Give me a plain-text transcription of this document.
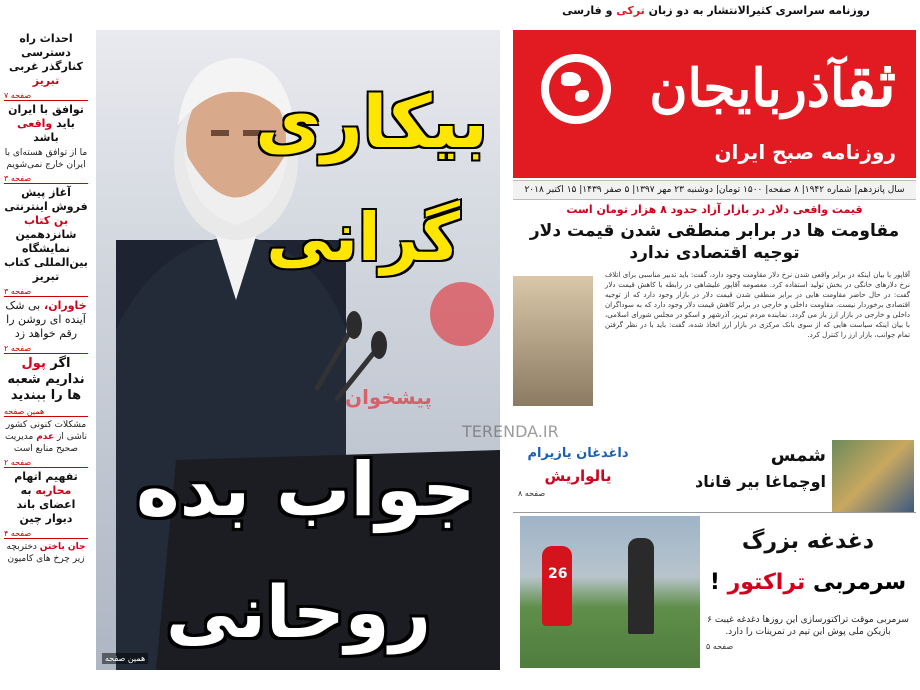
احداث راه دسترسی کنارگذر غربی تبریز
صفحه ۷
توافق با ایران باید واقعی باشد
ما از توافق هسته‌ای با ایران خارج نمی‌شویم
صفحه ۳
آغاز پیش فروش اینترنتی بن کتاب شانزدهمین نمایشگاه بین‌المللی کتاب تبریز
صفحه ۳
خاوران، بی شک آینده ای روشن را رقم خواهد زد
صفحه ۲
اگر پول نداریم شعبه ها را ببندید
همین صفحه
مشکلات کنونی کشور ناشی از عدم مدیریت صحیح منابع است
صفحه ۲
تفهیم اتهام محاربه به اعضای باند دیوار چین
صفحه ۴
جان باختن دختربچه زیر چرخ های کامیون
بیکاری
گرانی
جواب بده
روحانی
همین صفحه
روزنامه سراسری کثیرالانتشار به دو زبان ترکی و فارسی
ثقآذربایجان
روزنامه صبح ایران
سال پانزدهم| شماره ۱۹۴۲| ۸ صفحه| ۱۵۰۰ تومان| دوشنبه ۲۳ مهر ۱۳۹۷| ۵ صفر ۱۴۳۹| ۱۵ اکتبر ۲۰۱۸
قیمت واقعی دلار در بازار آزاد حدود ۸ هزار تومان است
مقاومت ها در برابر منطقی شدن قیمت دلار
توجیه اقتصادی ندارد
آقاپور با بیان اینکه در برابر واقعی شدن نرخ دلار مقاومت وجود دارد، گفت: باید تدبیر مناسبی برای اتلاف نرخ دلارهای خانگی در بخش تولید استفاده کرد. معصومه آقاپور علیشاهی در رابطه با کاهش قیمت دلار گفت: در حال حاضر مقاومت هایی در برابر منطقی شدن قیمت دلار در بازار وجود دارد که از توجیه اقتصادی برخوردار نیست. مقاومت داخلی و خارجی در برابر کاهش قیمت دلار وجود دارد که به سوداگران داخلی و خارجی در بازار ارز باز می گردد. نماینده مردم تبریز، آذرشهر و اسکو در مجلس شورای اسلامی، با بیان اینکه سیاست هایی که از سوی بانک مرکزی در بازار ارز اتخاذ شده، گفت: باید با در نظر گرفتن تمام جوانب، بازار ارز را کنترل کرد.
شمس
اوچماغا بیر قاناد
داغدغان یازیرام
یالواریش
صفحه ۸
26
دغدغه بزرگ
سرمربی تراکتور !
سرمربی موقت تراکتورسازی این روزها دغدغه غیبت ۶ بازیکن ملی پوش این تیم در تمرینات را دارد.
صفحه ۵
پیشخوان
TERENDA.IR
